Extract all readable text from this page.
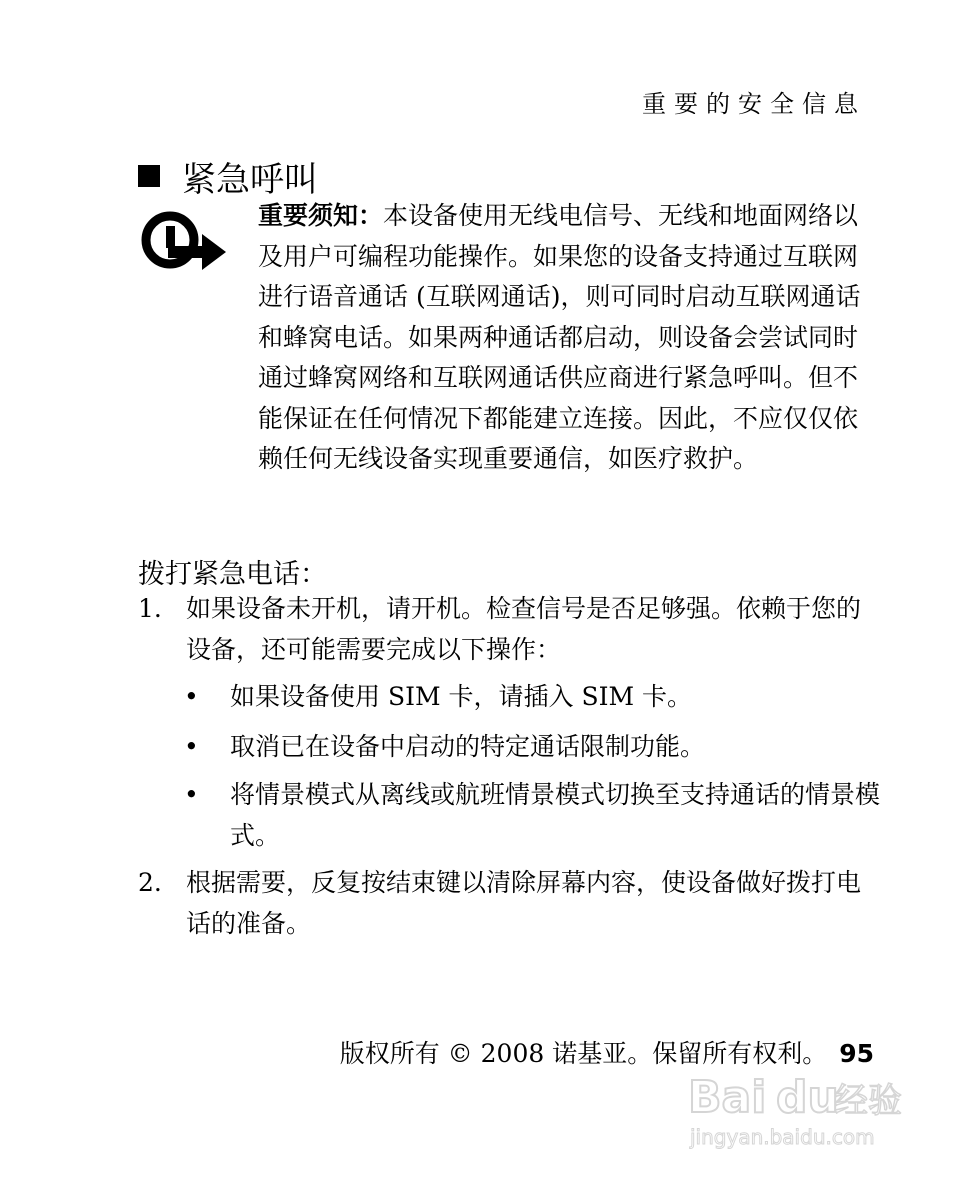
重要的安全信息
紧急呼叫
重要须知：本设备使用无线电信号、无线和地面网络以及用户可编程功能操作。如果您的设备支持通过互联网进行语音通话 (互联网通话)，则可同时启动互联网通话和蜂窝电话。如果两种通话都启动，则设备会尝试同时通过蜂窝网络和互联网通话供应商进行紧急呼叫。但不能保证在任何情况下都能建立连接。因此，不应仅仅依赖任何无线设备实现重要通信，如医疗救护。
拨打紧急电话：
1. 如果设备未开机，请开机。检查信号是否足够强。依赖于您的设备，还可能需要完成以下操作：
• 如果设备使用 SIM 卡，请插入 SIM 卡。
• 取消已在设备中启动的特定通话限制功能。
• 将情景模式从离线或航班情景模式切换至支持通话的情景模式。
2. 根据需要，反复按结束键以清除屏幕内容，使设备做好拨打电话的准备。
版权所有 © 2008 诺基亚。保留所有权利。 95
Bai du
经验
jingyan.baidu.com
